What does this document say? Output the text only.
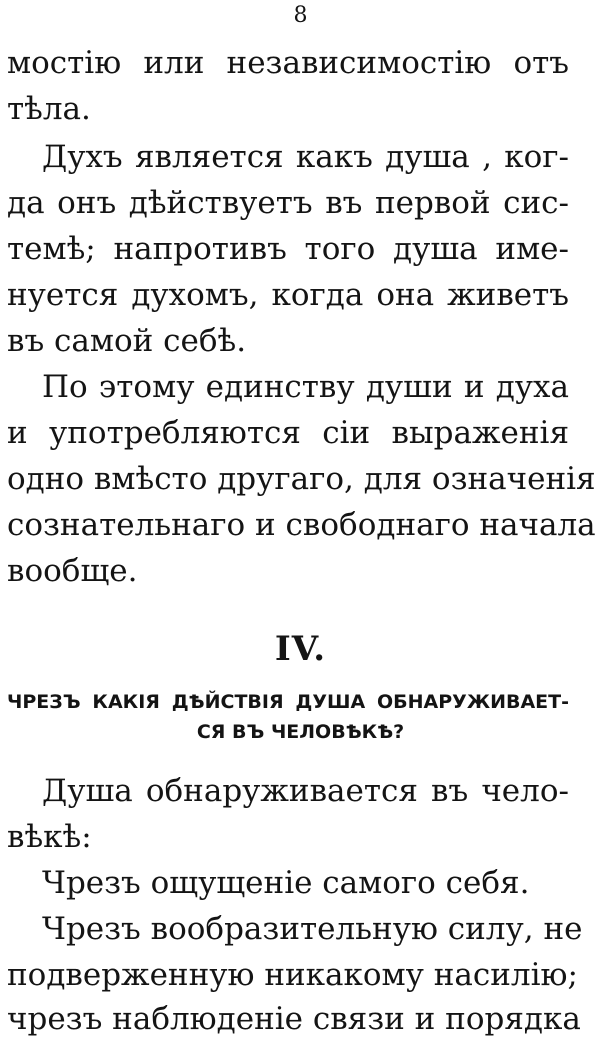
8
мостію или независимостію отъ
тѣла.
Духъ является какъ душа , ког-
да онъ дѣйствуетъ въ первой сис-
темѣ; напротивъ того душа име-
нуется духомъ, когда она живетъ
въ самой себѣ.
По этому единству души и духа
и употребляются сіи выраженія
одно вмѣсто другаго, для означенія
сознательнаго и свободнаго начала
вообще.
IV.
ЧРЕЗЪ КАКІЯ ДѢЙСТВІЯ ДУША ОБНАРУЖИВАЕТ-
СЯ ВЪ ЧЕЛОВѢКѢ?
Душа обнаруживается въ чело-
вѣкѣ:
Чрезъ ощущеніе самого себя.
Чрезъ вообразительную силу, не
подверженную никакому насилію;
чрезъ наблюденіе связи и порядка
